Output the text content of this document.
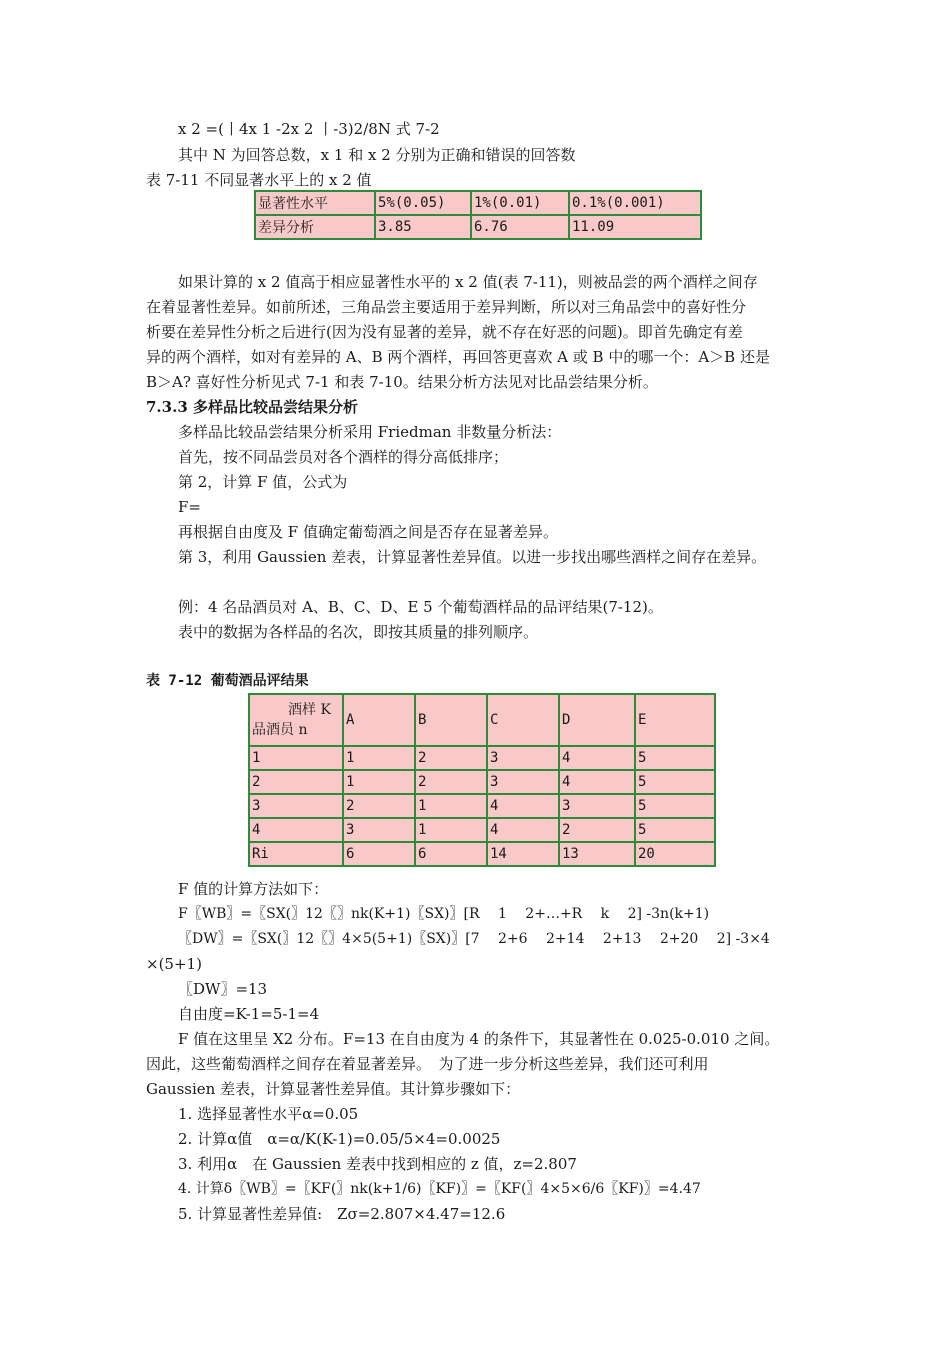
x 2 =(丨4x 1 -2x 2 丨-3)2/8N 式 7-2
其中 N 为回答总数，x 1 和 x 2 分别为正确和错误的回答数
表 7-11 不同显著水平上的 x 2 值
显著性水平	5%(0.05)	1%(0.01)	0.1%(0.001)
差异分析	3.85	6.76	11.09
如果计算的 x 2 值高于相应显著性水平的 x 2 值(表 7-11)，则被品尝的两个酒样之间存
在着显著性差异。如前所述，三角品尝主要适用于差异判断，所以对三角品尝中的喜好性分
析要在差异性分析之后进行(因为没有显著的差异，就不存在好恶的问题)。即首先确定有差
异的两个酒样，如对有差异的 A、B 两个酒样，再回答更喜欢 A 或 B 中的哪一个：A＞B 还是
B＞A? 喜好性分析见式 7-1 和表 7-10。结果分析方法见对比品尝结果分析。
7.3.3 多样品比较品尝结果分析
多样品比较品尝结果分析采用 Friedman 非数量分析法：
首先，按不同品尝员对各个酒样的得分高低排序；
第 2，计算 F 值，公式为
F=
再根据自由度及 F 值确定葡萄酒之间是否存在显著差异。
第 3，利用 Gaussien 差表，计算显著性差异值。以进一步找出哪些酒样之间存在差异。
例：4 名品酒员对 A、B、C、D、E 5 个葡萄酒样品的品评结果(7-12)。
表中的数据为各样品的名次，即按其质量的排列顺序。
表 7-12 葡萄酒品评结果
酒样 K
品酒员 n	A	B	C	D	E
1	1	2	3	4	5
2	1	2	3	4	5
3	2	1	4	3	5
4	3	1	4	2	5
Ri	6	6	14	13	20
F 值的计算方法如下：
F〖WB〗=〖SX(〗12〖〗nk(K+1)〖SX)〗[R　 1　 2+…+R　 k　 2] -3n(k+1)
〖DW〗=〖SX(〗12〖〗4×5(5+1)〖SX)〗[7　 2+6　 2+14　 2+13　 2+20　 2] -3×4
×(5+1)
〖DW〗=13
自由度=K-1=5-1=4
F 值在这里呈 X2 分布。F=13 在自由度为 4 的条件下，其显著性在 0.025-0.010 之间。
因此，这些葡萄酒样之间存在着显著差异。　为了进一步分析这些差异，我们还可利用
Gaussien 差表，计算显著性差异值。其计算步骤如下：
1. 选择显著性水平α=0.05
2. 计算α值　α=α/K(K-1)=0.05/5×4=0.0025
3. 利用α　在 Gaussien 差表中找到相应的 z 值，z=2.807
4. 计算δ〖WB〗=〖KF(〗nk(k+1/6)〖KF)〗=〖KF(〗4×5×6/6〖KF)〗=4.47
5. 计算显著性差异值:　Zσ=2.807×4.47=12.6
